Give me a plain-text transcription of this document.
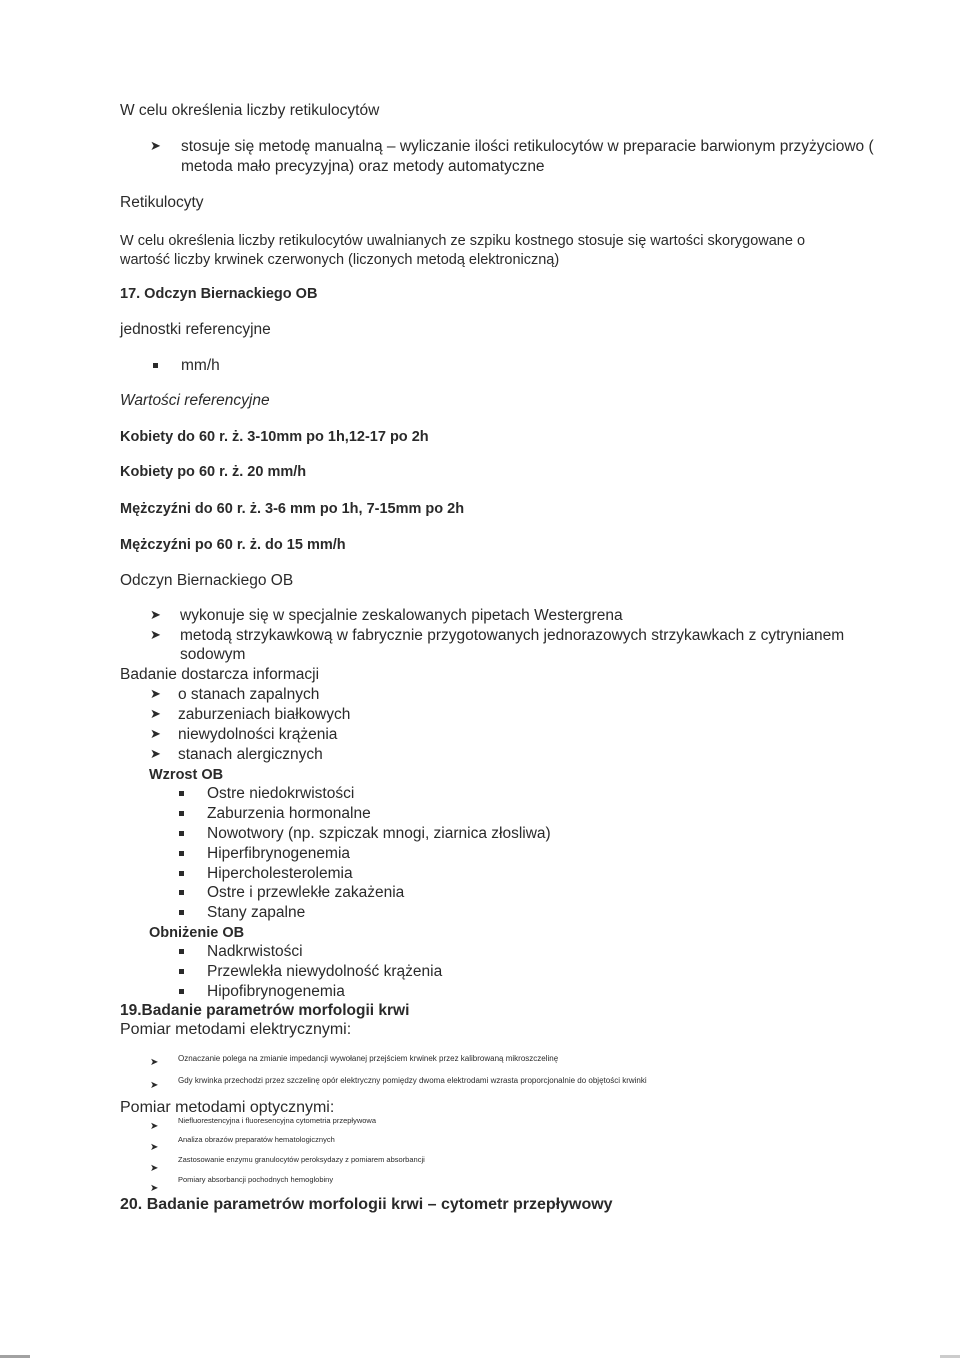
W celu określenia liczby retikulocytów
➤ stosuje się metodę manualną – wyliczanie ilości retikulocytów w preparacie barwionym przyżyciowo (
metoda mało precyzyjna) oraz metody automatyczne
Retikulocyty
W celu określenia liczby retikulocytów uwalnianych ze szpiku kostnego stosuje się wartości skorygowane o
wartość liczby krwinek czerwonych (liczonych metodą elektroniczną)
17. Odczyn Biernackiego OB
jednostki referencyjne
mm/h
Wartości referencyjne
Kobiety do 60 r. ż. 3-10mm po 1h,12-17 po 2h
Kobiety po 60 r. ż. 20 mm/h
Mężczyźni do 60 r. ż. 3-6 mm po 1h, 7-15mm po 2h
Mężczyźni po 60 r. ż. do 15 mm/h
Odczyn Biernackiego OB
➤ wykonuje się w specjalnie zeskalowanych pipetach Westergrena
➤ metodą strzykawkową w fabrycznie przygotowanych jednorazowych strzykawkach z cytrynianem
sodowym
Badanie dostarcza informacji
➤ o stanach zapalnych
➤ zaburzeniach białkowych
➤ niewydolności krążenia
➤ stanach alergicznych
Wzrost OB
Ostre niedokrwistości
Zaburzenia hormonalne
Nowotwory (np. szpiczak mnogi, ziarnica złosliwa)
Hiperfibrynogenemia
Hipercholesterolemia
Ostre i przewlekłe zakażenia
Stany zapalne
Obniżenie OB
Nadkrwistości
Przewlekła niewydolność krążenia
Hipofibrynogenemia
19.Badanie parametrów morfologii krwi
Pomiar metodami elektrycznymi:
➤ Oznaczanie polega na zmianie impedancji wywołanej przejściem krwinek przez kalibrowaną mikroszczelinę
➤ Gdy krwinka przechodzi przez szczelinę opór elektryczny pomiędzy dwoma elektrodami wzrasta proporcjonalnie do objętości krwinki
Pomiar metodami optycznymi:
➤
Niefluorestencyjna i fluoresencyjna cytometria przepływowa
➤
Analiza obrazów preparatów hematologicznych
➤
Zastosowanie enzymu granulocytów peroksydazy z pomiarem absorbancji
➤
Pomiary absorbancji pochodnych hemoglobiny
20. Badanie parametrów morfologii krwi – cytometr przepływowy
